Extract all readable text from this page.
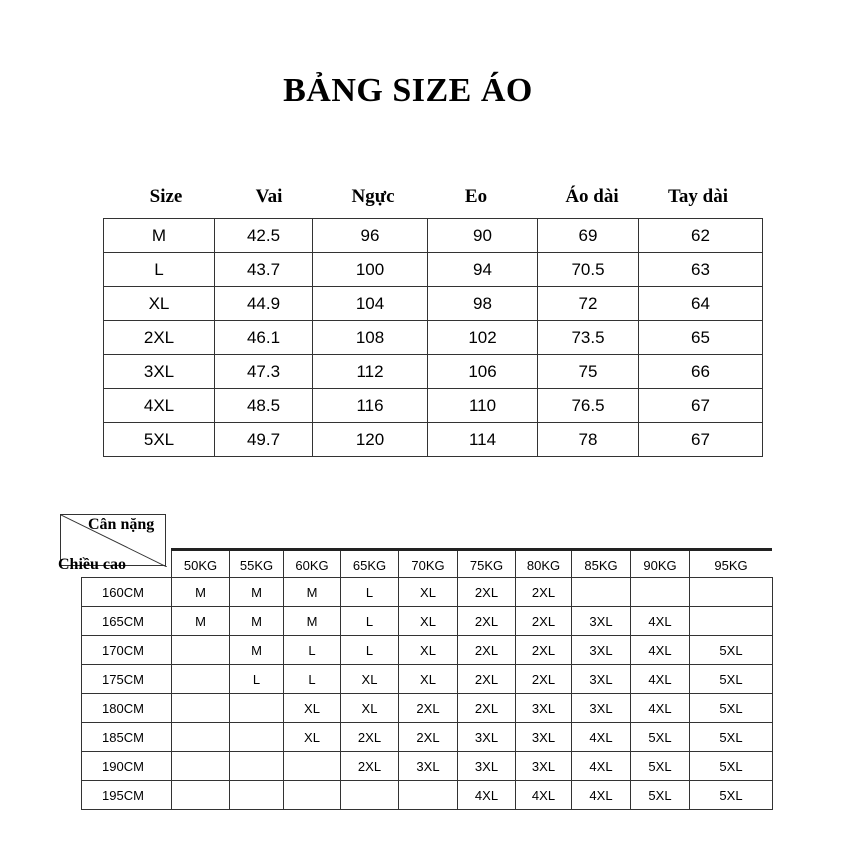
BẢNG SIZE ÁO
Size	Vai	Ngực	Eo	Áo dài	Tay dài
M	42.5	96	90	69	62
L	43.7	100	94	70.5	63
XL	44.9	104	98	72	64
2XL	46.1	108	102	73.5	65
3XL	47.3	112	106	75	66
4XL	48.5	116	110	76.5	67
5XL	49.7	120	114	78	67
Cân nặng
Chiều cao	50KG	55KG	60KG	65KG	70KG	75KG	80KG	85KG	90KG	95KG
160CM	M	M	M	L	XL	2XL	2XL			
165CM	M	M	M	L	XL	2XL	2XL	3XL	4XL	
170CM		M	L	L	XL	2XL	2XL	3XL	4XL	5XL
175CM		L	L	XL	XL	2XL	2XL	3XL	4XL	5XL
180CM			XL	XL	2XL	2XL	3XL	3XL	4XL	5XL
185CM			XL	2XL	2XL	3XL	3XL	4XL	5XL	5XL
190CM				2XL	3XL	3XL	3XL	4XL	5XL	5XL
195CM						4XL	4XL	4XL	5XL	5XL
